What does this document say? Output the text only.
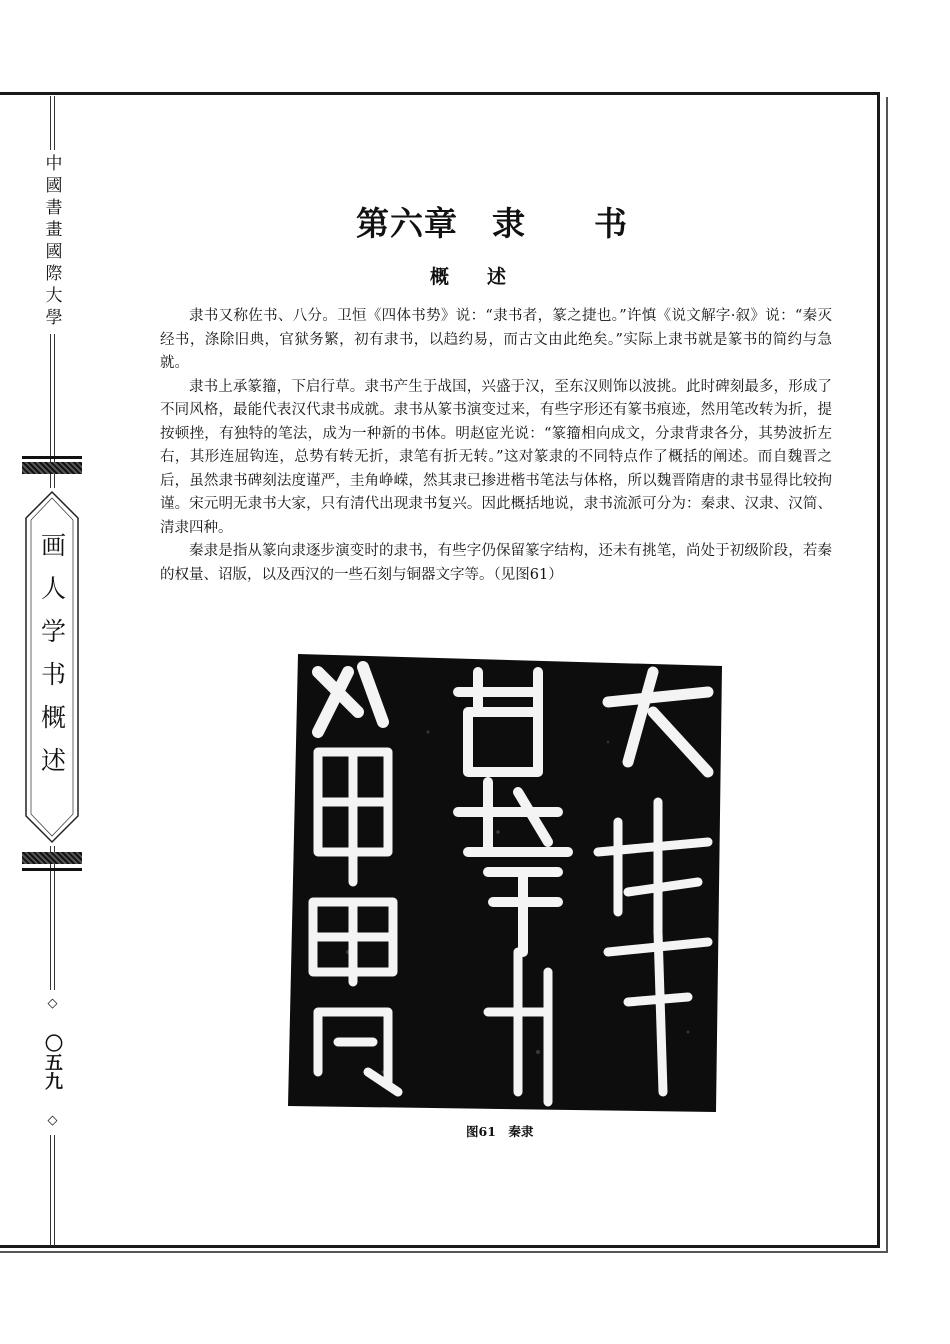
中國書畫國際大學
画人学书概述
◇ 〇五九 ◇
第六章　隶　　书
概　　述

隶书又称佐书、八分。卫恒《四体书势》说：“隶书者，篆之捷也。”许慎《说文解字·叙》说：“秦灭经书，涤除旧典，官狱务繁，初有隶书，以趋约易，而古文由此绝矣。”实际上隶书就是篆书的简约与急就。

隶书上承篆籀，下启行草。隶书产生于战国，兴盛于汉，至东汉则饰以波挑。此时碑刻最多，形成了不同风格，最能代表汉代隶书成就。隶书从篆书演变过来，有些字形还有篆书痕迹，然用笔改转为折，提按顿挫，有独特的笔法，成为一种新的书体。明赵宧光说：“篆籀相向成文，分隶背隶各分，其势波折左右，其形连屈钩连，总势有转无折，隶笔有折无转。”这对篆隶的不同特点作了概括的阐述。而自魏晋之后，虽然隶书碑刻法度谨严，圭角峥嵘，然其隶已掺进楷书笔法与体格，所以魏晋隋唐的隶书显得比较拘谨。宋元明无隶书大家，只有清代出现隶书复兴。因此概括地说，隶书流派可分为：秦隶、汉隶、汉简、清隶四种。

秦隶是指从篆向隶逐步演变时的隶书，有些字仍保留篆字结构，还未有挑笔，尚处于初级阶段，若秦的权量、诏版，以及西汉的一些石刻与铜器文字等。（见图61）

图61　秦隶
